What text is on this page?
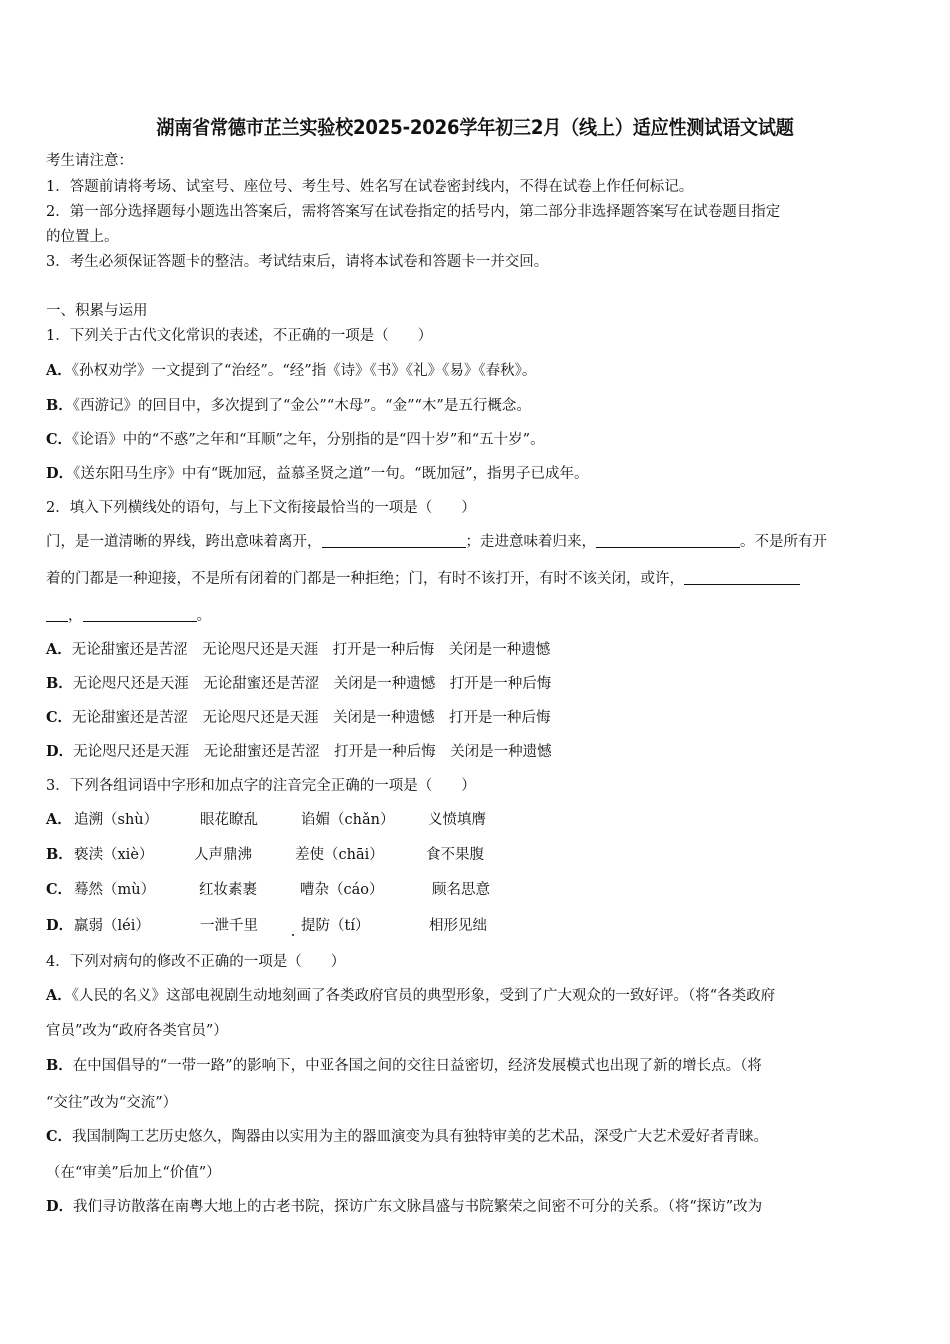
湖南省常德市芷兰实验校2025-2026学年初三2月（线上）适应性测试语文试题
考生请注意：
1．答题前请将考场、试室号、座位号、考生号、姓名写在试卷密封线内，不得在试卷上作任何标记。
2．第一部分选择题每小题选出答案后，需将答案写在试卷指定的括号内，第二部分非选择题答案写在试卷题目指定
的位置上。
3．考生必须保证答题卡的整洁。考试结束后，请将本试卷和答题卡一并交回。
一、积累与运用
1．下列关于古代文化常识的表述，不正确的一项是（　　）
A．《孙权劝学》一文提到了“治经”。“经”指《诗》《书》《礼》《易》《春秋》。
B．《西游记》的回目中，多次提到了“金公”“木母”。“金”“木”是五行概念。
C．《论语》中的“不惑”之年和“耳顺”之年，分别指的是“四十岁”和“五十岁”。
D．《送东阳马生序》中有“既加冠，益慕圣贤之道”一句。“既加冠”，指男子已成年。
2．填入下列横线处的语句，与上下文衔接最恰当的一项是（　　）
门，是一道清晰的界线，跨出意味着离开，	；走进意味着归来，	。不是所有开
着的门都是一种迎接，不是所有闭着的门都是一种拒绝；门，有时不该打开，有时不该关闭，或许，
，	。
A．无论甜蜜还是苦涩　 无论咫尺还是天涯　 打开是一种后悔　 关闭是一种遗憾
B．无论咫尺还是天涯　 无论甜蜜还是苦涩　 关闭是一种遗憾　 打开是一种后悔
C．无论甜蜜还是苦涩　 无论咫尺还是天涯　 关闭是一种遗憾　 打开是一种后悔
D．无论咫尺还是天涯　 无论甜蜜还是苦涩　 打开是一种后悔　 关闭是一种遗憾
3．下列各组词语中字形和加点字的注音完全正确的一项是（　　）
A． 追溯（shù）	眼花瞭乱	谄媚（chǎn） 义愤填膺
B． 亵渎（xiè）	人声鼎沸	差使（chāi）	食不果腹
C． 蓦然（mù）	红妆素裹	嘈杂（cáo）	顾名思意
D． 羸弱（léi）	一泄千里	提防（tí）	相形见绌
4．下列对病句的修改不正确的一项是（　　）
A．《人民的名义》这部电视剧生动地刻画了各类政府官员的典型形象，受到了广大观众的一致好评。（将“各类政府
官员”改为“政府各类官员”）
B．在中国倡导的“一带一路”的影响下，中亚各国之间的交往日益密切，经济发展模式也出现了新的增长点。（将
“交往”改为“交流”）
C．我国制陶工艺历史悠久，陶器由以实用为主的器皿演变为具有独特审美的艺术品，深受广大艺术爱好者青睐。
（在“审美”后加上“价值”）
D．我们寻访散落在南粤大地上的古老书院，探访广东文脉昌盛与书院繁荣之间密不可分的关系。（将“探访”改为
